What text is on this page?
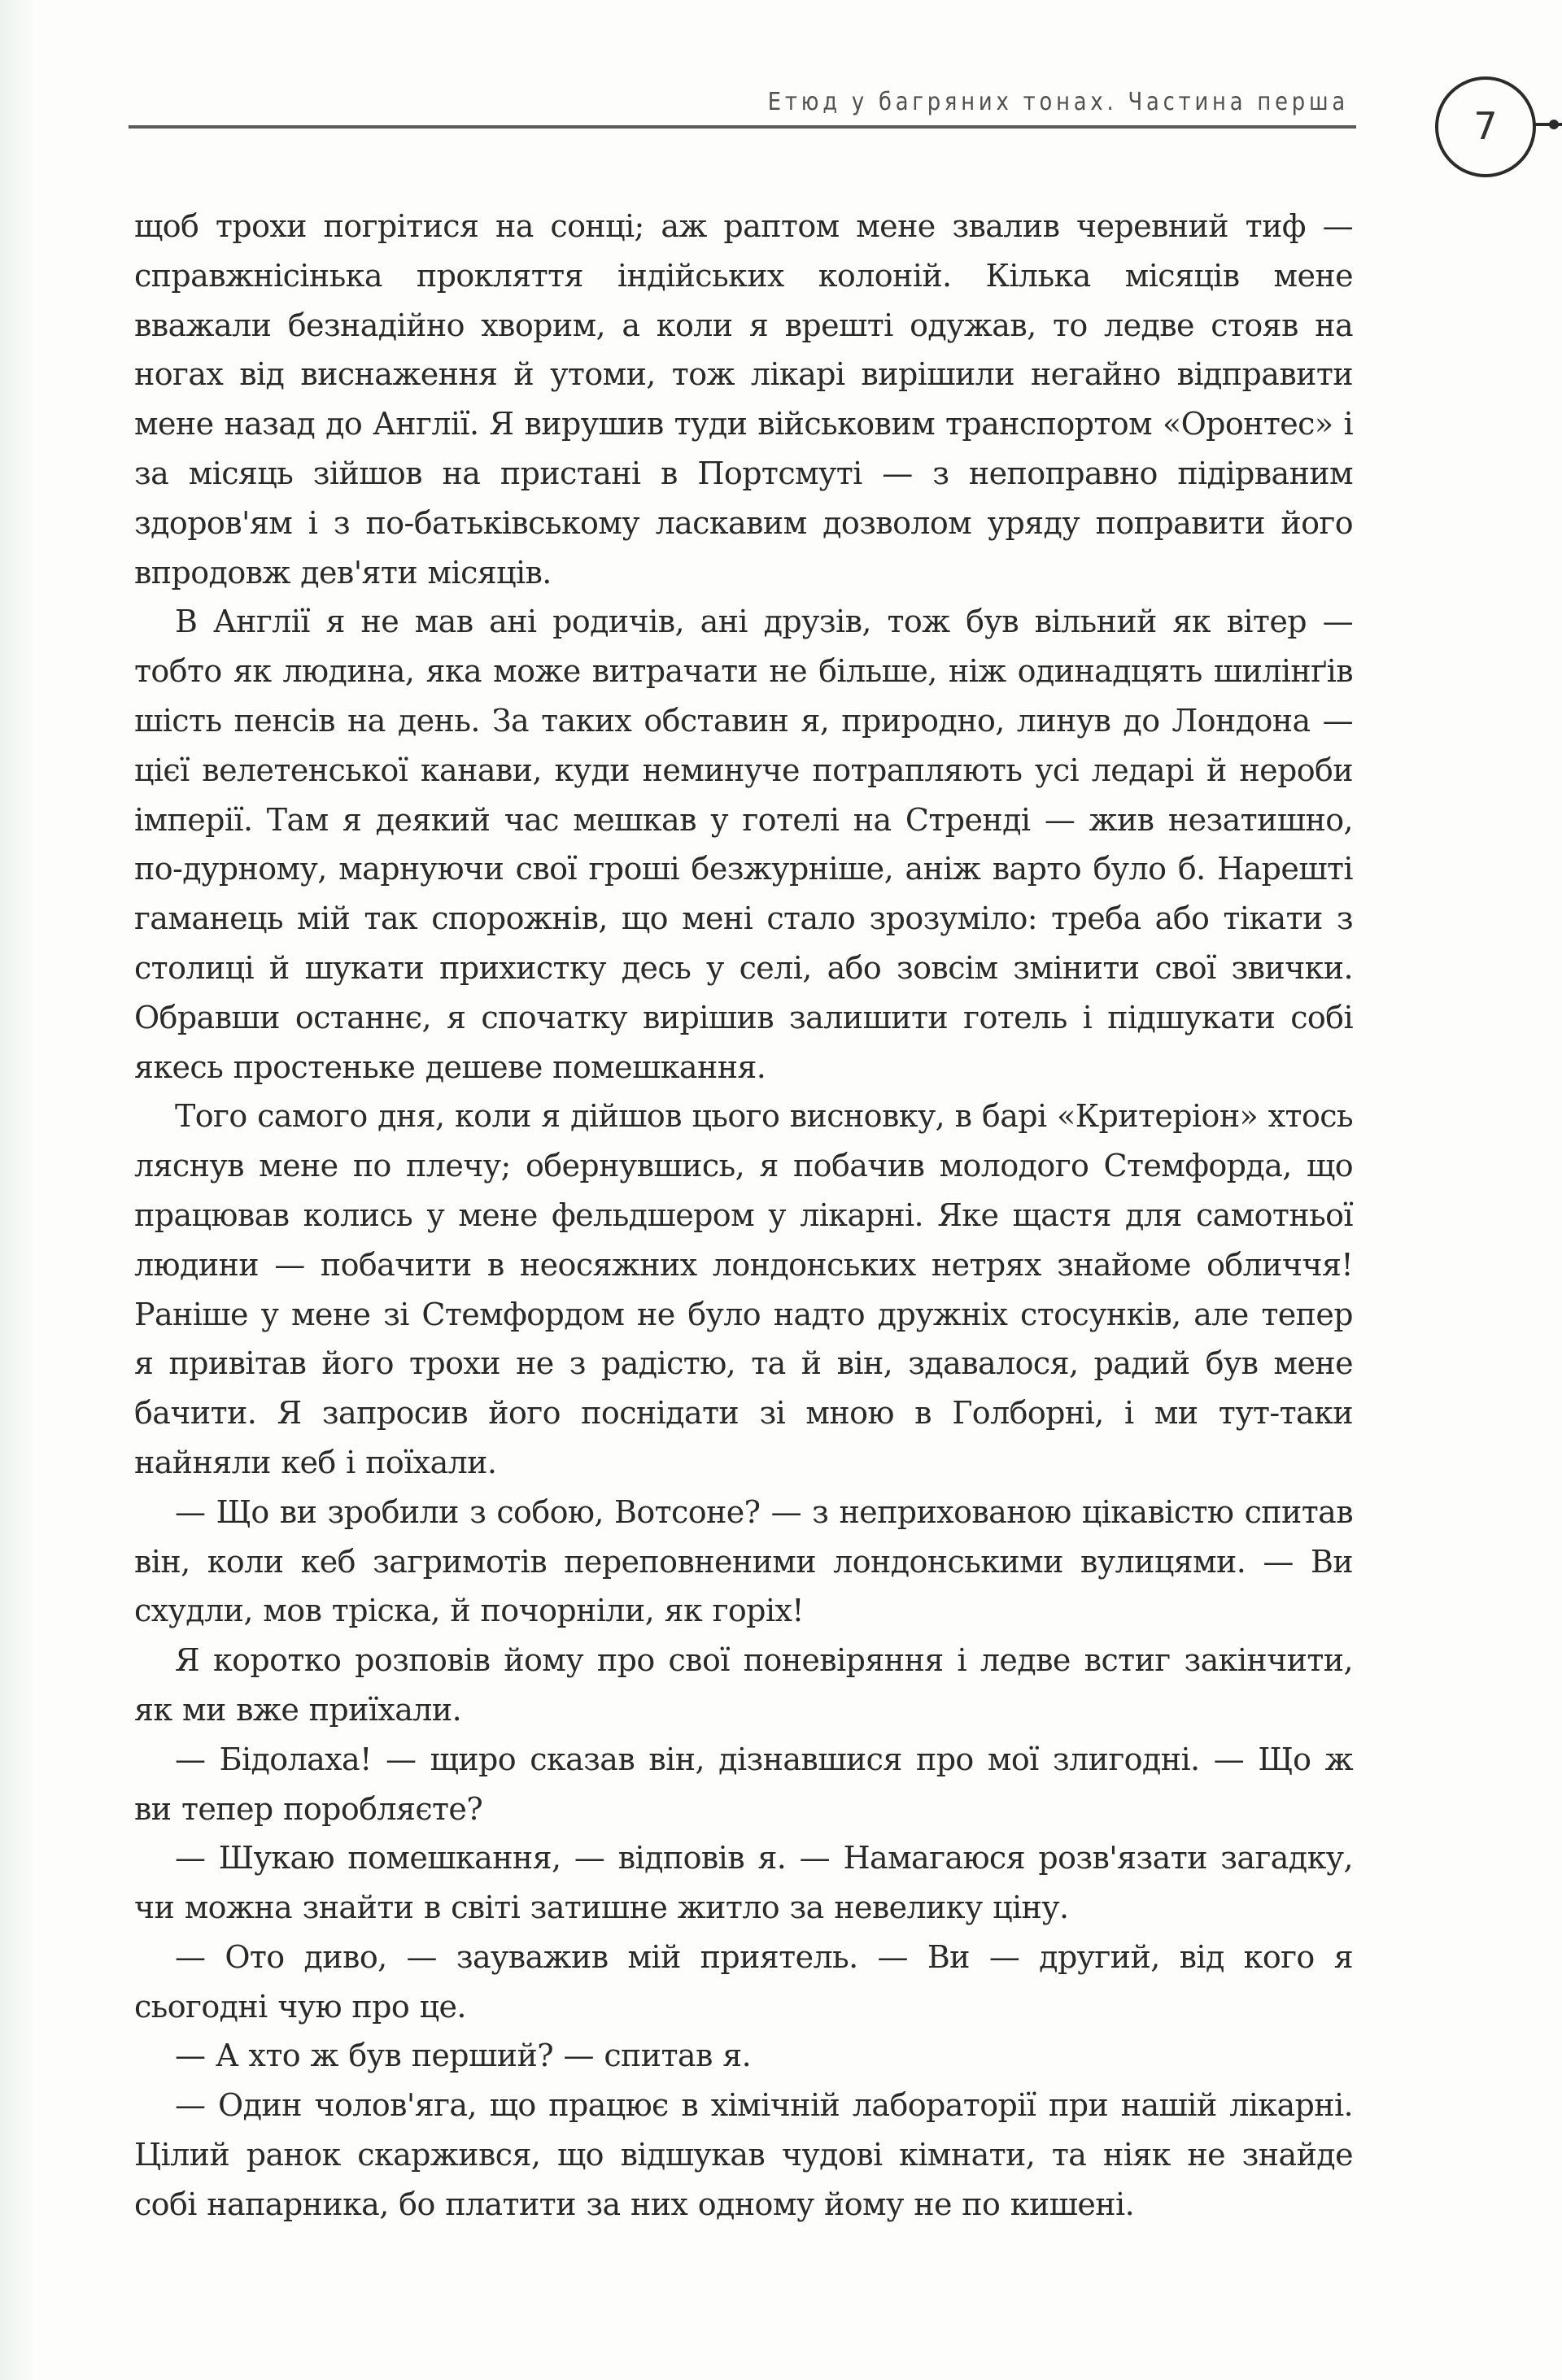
Етюд у багряних тонах. Частина перша
7

щоб трохи погрітися на сонці; аж раптом мене звалив черевний тиф — справжнісінька прокляття індійських колоній. Кілька місяців мене вважали безнадійно хворим, а коли я врешті одужав, то ледве стояв на ногах від виснаження й утоми, тож лікарі вирішили негайно відправити мене назад до Англії. Я вирушив туди військовим транспортом «Оронтес» і за місяць зійшов на пристані в Портсмуті — з непоправно підірваним здоров'ям і з по-батьківському ласкавим дозволом уряду поправити його впродовж дев'яти місяців.

В Англії я не мав ані родичів, ані друзів, тож був вільний як вітер — тобто як людина, яка може витрачати не більше, ніж одинадцять шилінґів шість пенсів на день. За таких обставин я, природно, линув до Лондона — цієї велетенської канави, куди неминуче потрапляють усі ледарі й нероби імперії. Там я деякий час мешкав у готелі на Стренді — жив незатишно, по-дурному, марнуючи свої гроші безжурніше, аніж варто було б. Нарешті гаманець мій так спорожнів, що мені стало зрозуміло: треба або тікати з столиці й шукати прихистку десь у селі, або зовсім змінити свої звички. Обравши останнє, я спочатку вирішив залишити готель і підшукати собі якесь простеньке дешеве помешкання.

Того самого дня, коли я дійшов цього висновку, в барі «Критеріон» хтось ляснув мене по плечу; обернувшись, я побачив молодого Стемфорда, що працював колись у мене фельдшером у лікарні. Яке щастя для самотньої людини — побачити в неосяжних лондонських нетрях знайоме обличчя! Раніше у мене зі Стемфордом не було надто дружніх стосунків, але тепер я привітав його трохи не з радістю, та й він, здавалося, радий був мене бачити. Я запросив його поснідати зі мною в Голборні, і ми тут-таки найняли кеб і поїхали.

— Що ви зробили з собою, Вотсоне? — з неприхованою цікавістю спитав він, коли кеб загримотів переповненими лондонськими вулицями. — Ви схудли, мов тріска, й почорніли, як горіх!

Я коротко розповів йому про свої поневіряння і ледве встиг закінчити, як ми вже приїхали.

— Бідолаха! — щиро сказав він, дізнавшися про мої злигодні. — Що ж ви тепер поробляєте?

— Шукаю помешкання, — відповів я. — Намагаюся розв'язати загадку, чи можна знайти в світі затишне житло за невелику ціну.

— Ото диво, — зауважив мій приятель. — Ви — другий, від кого я сьогодні чую про це.

— А хто ж був перший? — спитав я.

— Один чолов'яга, що працює в хімічній лабораторії при нашій лікарні. Цілий ранок скаржився, що відшукав чудові кімнати, та ніяк не знайде собі напарника, бо платити за них одному йому не по кишені.
